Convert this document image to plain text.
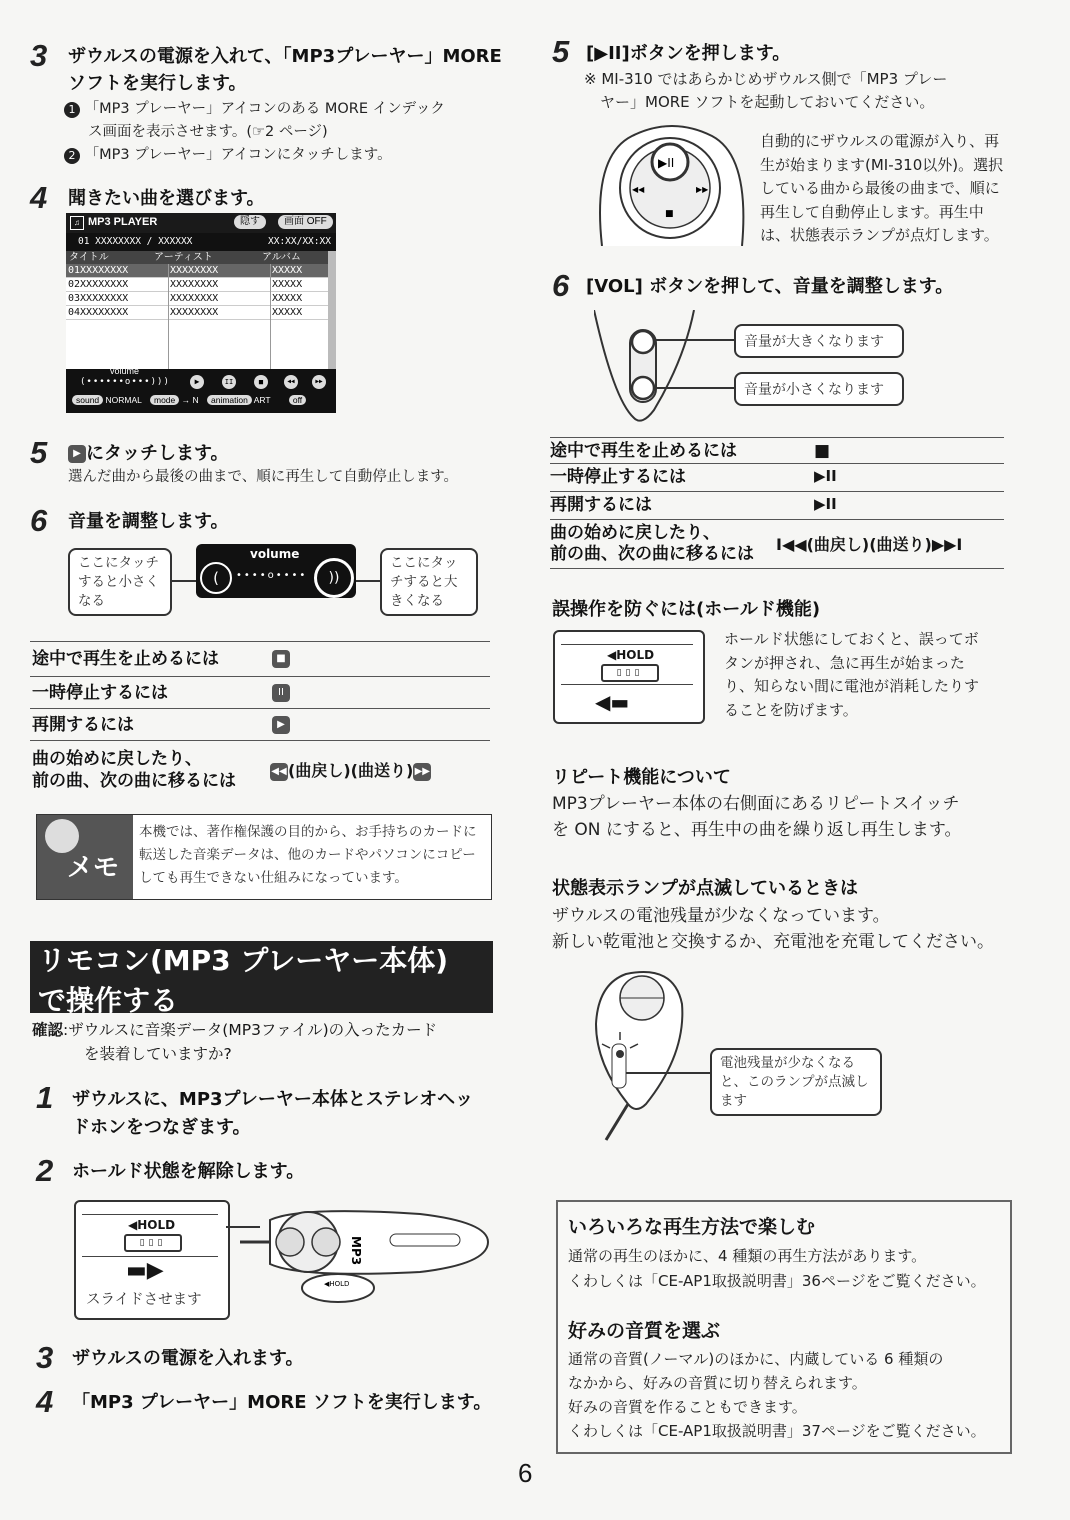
3 ザウルスの電源を入れて、「MP3プレーヤー」MORE
ソフトを実行します。
1 「MP3 プレーヤー」アイコンのある MORE インデック
ス画面を表示させます。(☞2 ページ)
2 「MP3 プレーヤー」アイコンにタッチします。
4 聞きたい曲を選びます。
♫ MP3 PLAYER	隠す	画面 OFF
01 XXXXXXXX / XXXXXX	XX:XX/XX:XX
タイトル	アーティスト	アルバム
01XXXXXXXX	XXXXXXXX	XXXXX
02XXXXXXXX	XXXXXXXX	XXXXX
03XXXXXXXX	XXXXXXXX	XXXXX
04XXXXXXXX	XXXXXXXX	XXXXX
volume
(••••••o•••)))	▶	II	■	◀◀	▶▶
sound NORMAL mode → N animation ART	off
5	▶ にタッチします。
選んだ曲から最後の曲まで、順に再生して自動停止します。
6 音量を調整します。
ここにタッチすると小さくなる
volume
(	••••o••••	))
ここにタッチすると大きくなる
途中で再生を止めるには	■
一時停止するには	II
再開するには	▶
曲の始めに戻したり、
前の曲、次の曲に移るには	◀◀(曲戻し)(曲送り)▶▶
メモ
本機では、著作権保護の目的から、お手持ちのカードに転送した音楽データは、他のカードやパソコンにコピーしても再生できない仕組みになっています。
リモコン(MP3 プレーヤー本体)
で操作する
確認:ザウルスに音楽データ(MP3ファイル)の入ったカード
を装着していますか?
1 ザウルスに、MP3プレーヤー本体とステレオヘッ
ドホンをつなぎます。
2 ホールド状態を解除します。
◀HOLD
▯▯▯
▬▶
スライドさせます
MP3
◀HOLD
3 ザウルスの電源を入れます。
4 「MP3 プレーヤー」MORE ソフトを実行します。
5 [▶II]ボタンを押します。
※ MI-310 ではあらかじめザウルス側で「MP3 プレー
ヤー」MORE ソフトを起動しておいてください。
▶II
◀◀	▶▶
■
自動的にザウルスの電源が入り、再生が始まります(MI-310以外)。選択している曲から最後の曲まで、順に再生して自動停止します。再生中は、状態表示ランプが点灯します。
6 [VOL] ボタンを押して、音量を調整します。
音量が大きくなります
音量が小さくなります
途中で再生を止めるには	■
一時停止するには	▶II
再開するには	▶II
曲の始めに戻したり、
前の曲、次の曲に移るには I◀◀(曲戻し)(曲送り)▶▶I
誤操作を防ぐには(ホールド機能)
◀HOLD
▯▯▯
◀▬
ホールド状態にしておくと、誤ってボタンが押され、急に再生が始まったり、知らない間に電池が消耗したりすることを防げます。
リピート機能について
MP3プレーヤー本体の右側面にあるリピートスイッチ
を ON にすると、再生中の曲を繰り返し再生します。
状態表示ランプが点滅しているときは
ザウルスの電池残量が少なくなっています。
新しい乾電池と交換するか、充電池を充電してください。
電池残量が少なくなると、このランプが点滅します
いろいろな再生方法で楽しむ
通常の再生のほかに、4 種類の再生方法があります。
くわしくは「CE-AP1取扱説明書」36ページをご覧ください。
好みの音質を選ぶ
通常の音質(ノーマル)のほかに、内蔵している 6 種類の
なかから、好みの音質に切り替えられます。
好みの音質を作ることもできます。
くわしくは「CE-AP1取扱説明書」37ページをご覧ください。
6
